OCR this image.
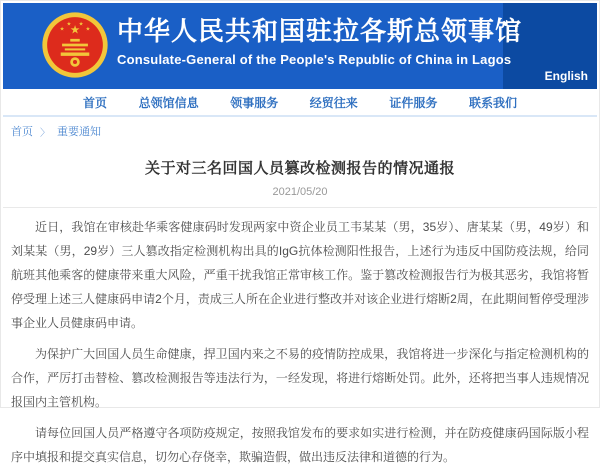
★
★
★ ★
★ 中华人民共和国驻拉各斯总领事馆
Consulate-General of the People's Republic of China in Lagos
English
首页	总领馆信息	领事服务	经贸往来	证件服务	联系我们
首页 〉 重要通知
关于对三名回国人员篡改检测报告的情况通报
2021/05/20

近日，我馆在审核赴华乘客健康码时发现两家中资企业员工韦某某（男，35岁）、唐某某（男，49岁）和刘某某（男，29岁）三人篡改指定检测机构出具的IgG抗体检测阳性报告，上述行为违反中国防疫法规，给同航班其他乘客的健康带来重大风险，严重干扰我馆正常审核工作。鉴于篡改检测报告行为极其恶劣，我馆将暂停受理上述三人健康码申请2个月，责成三人所在企业进行整改并对该企业进行熔断2周，在此期间暂停受理涉事企业人员健康码申请。

为保护广大回国人员生命健康，捍卫国内来之不易的疫情防控成果，我馆将进一步深化与指定检测机构的合作，严厉打击替检、篡改检测报告等违法行为，一经发现，将进行熔断处罚。此外，还将把当事人违规情况报国内主管机构。

请每位回国人员严格遵守各项防疫规定，按照我馆发布的要求如实进行检测，并在防疫健康码国际版小程序中填报和提交真实信息，切勿心存侥幸，欺骗造假，做出违反法律和道德的行为。
